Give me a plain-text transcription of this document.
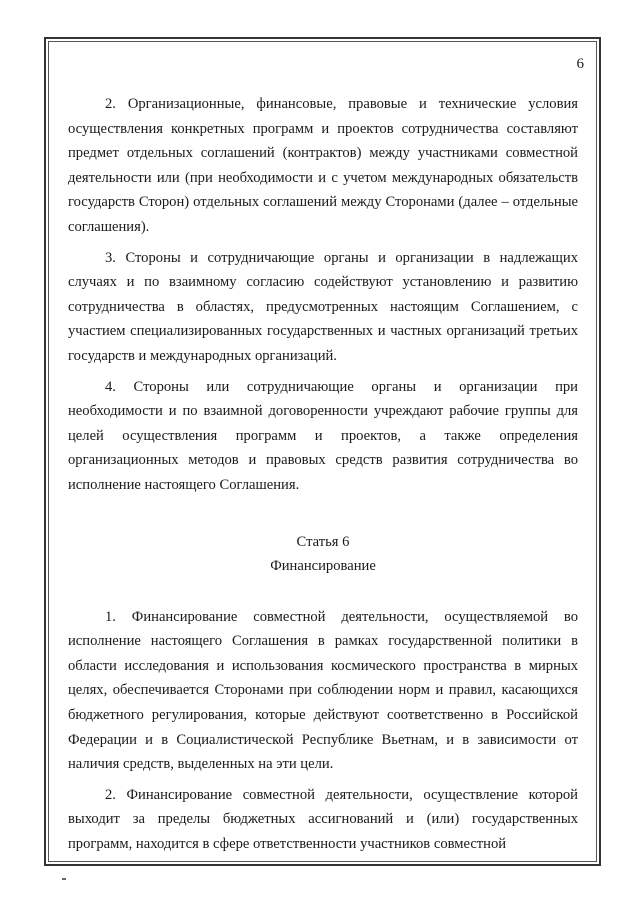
6

2. Организационные, финансовые, правовые и технические условия осуществления конкретных программ и проектов сотрудничества составляют предмет отдельных соглашений (контрактов) между участниками совместной деятельности или (при необходимости и с учетом международных обязательств государств Сторон) отдельных соглашений между Сторонами (далее – отдельные соглашения).

3. Стороны и сотрудничающие органы и организации в надлежащих случаях и по взаимному согласию содействуют установлению и развитию сотрудничества в областях, предусмотренных настоящим Соглашением, с участием специализированных государственных и частных организаций третьих государств и международных организаций.

4. Стороны или сотрудничающие органы и организации при необходимости и по взаимной договоренности учреждают рабочие группы для целей осуществления программ и проектов, а также определения организационных методов и правовых средств развития сотрудничества во исполнение настоящего Соглашения.

Статья 6

Финансирование

1. Финансирование совместной деятельности, осуществляемой во исполнение настоящего Соглашения в рамках государственной политики в области исследования и использования космического пространства в мирных целях, обеспечивается Сторонами при соблюдении норм и правил, касающихся бюджетного регулирования, которые действуют соответственно в Российской Федерации и в Социалистической Республике Вьетнам, и в зависимости от наличия средств, выделенных на эти цели.

2. Финансирование совместной деятельности, осуществление которой выходит за пределы бюджетных ассигнований и (или) государственных программ, находится в сфере ответственности участников совместной
